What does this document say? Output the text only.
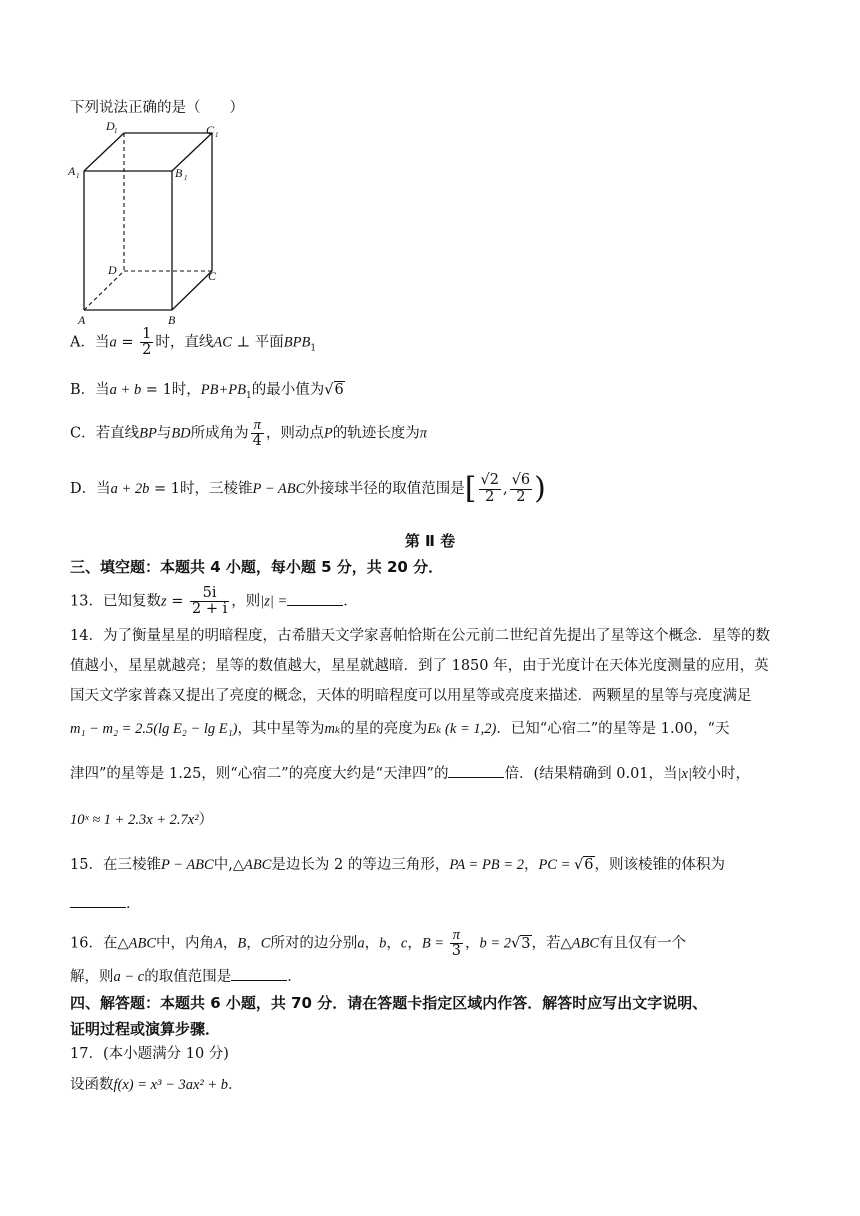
下列说法正确的是（　　）
D 1	C 1
A 1	B 1
D	C
A	B
A．当$a = \frac{1}{2}$ 时，直线AC ⊥ 平面$BPB_1$
B．当a + b = 1时，$PB+PB_1$的最小值为√6
C．若直线BP与BD所成角为 $\frac{\pi}{4}$ ，则动点P的轨迹长度为π
D．当a + 2b = 1时，三棱锥P − ABC外接球半径的取值范围是[ $\frac{√2}{2}$ , $\frac{√6}{2}$ )
第 Ⅱ 卷
三、填空题：本题共 4 小题，每小题 5 分，共 20 分．
13．已知复数$z = \frac{5i}{2 + i}$ ，则|z| =	．
14．为了衡量星星的明暗程度，古希腊天文学家喜帕恰斯在公元前二世纪首先提出了星等这个概念．星等的数
值越小，星星就越亮；星等的数值越大，星星就越暗．到了 1850 年，由于光度计在天体光度测量的应用，英
国天文学家普森又提出了亮度的概念，天体的明暗程度可以用星等或亮度来描述．两颗星的星等与亮度满足
m₁ − m₂ = 2.5(lg E₂ − lg E₁)，其中星等为mₖ的星的亮度为Eₖ (k = 1,2)．已知“心宿二”的星等是 1.00，“天
津四”的星等是 1.25，则“心宿二”的亮度大约是“天津四”的	倍．(结果精确到 0.01，当|x|较小时，
10ˣ ≈ 1 + 2.3x + 2.7x²）
15．在三棱锥P − ABC中,△ABC是边长为 2 的等边三角形，PA = PB = 2，PC = √6，则该棱锥的体积为
．
16．在△ABC中，内角A，B，C所对的边分别a，b，c，$B = \frac{\pi}{3}$ ，b = 2√3，若△ABC有且仅有一个
解，则a − c的取值范围是	．
四、解答题：本题共 6 小题，共 70 分．请在答题卡指定区域内作答．解答时应写出文字说明、
证明过程或演算步骤．
17．(本小题满分 10 分)
设函数f(x) = x³ − 3ax² + b．
